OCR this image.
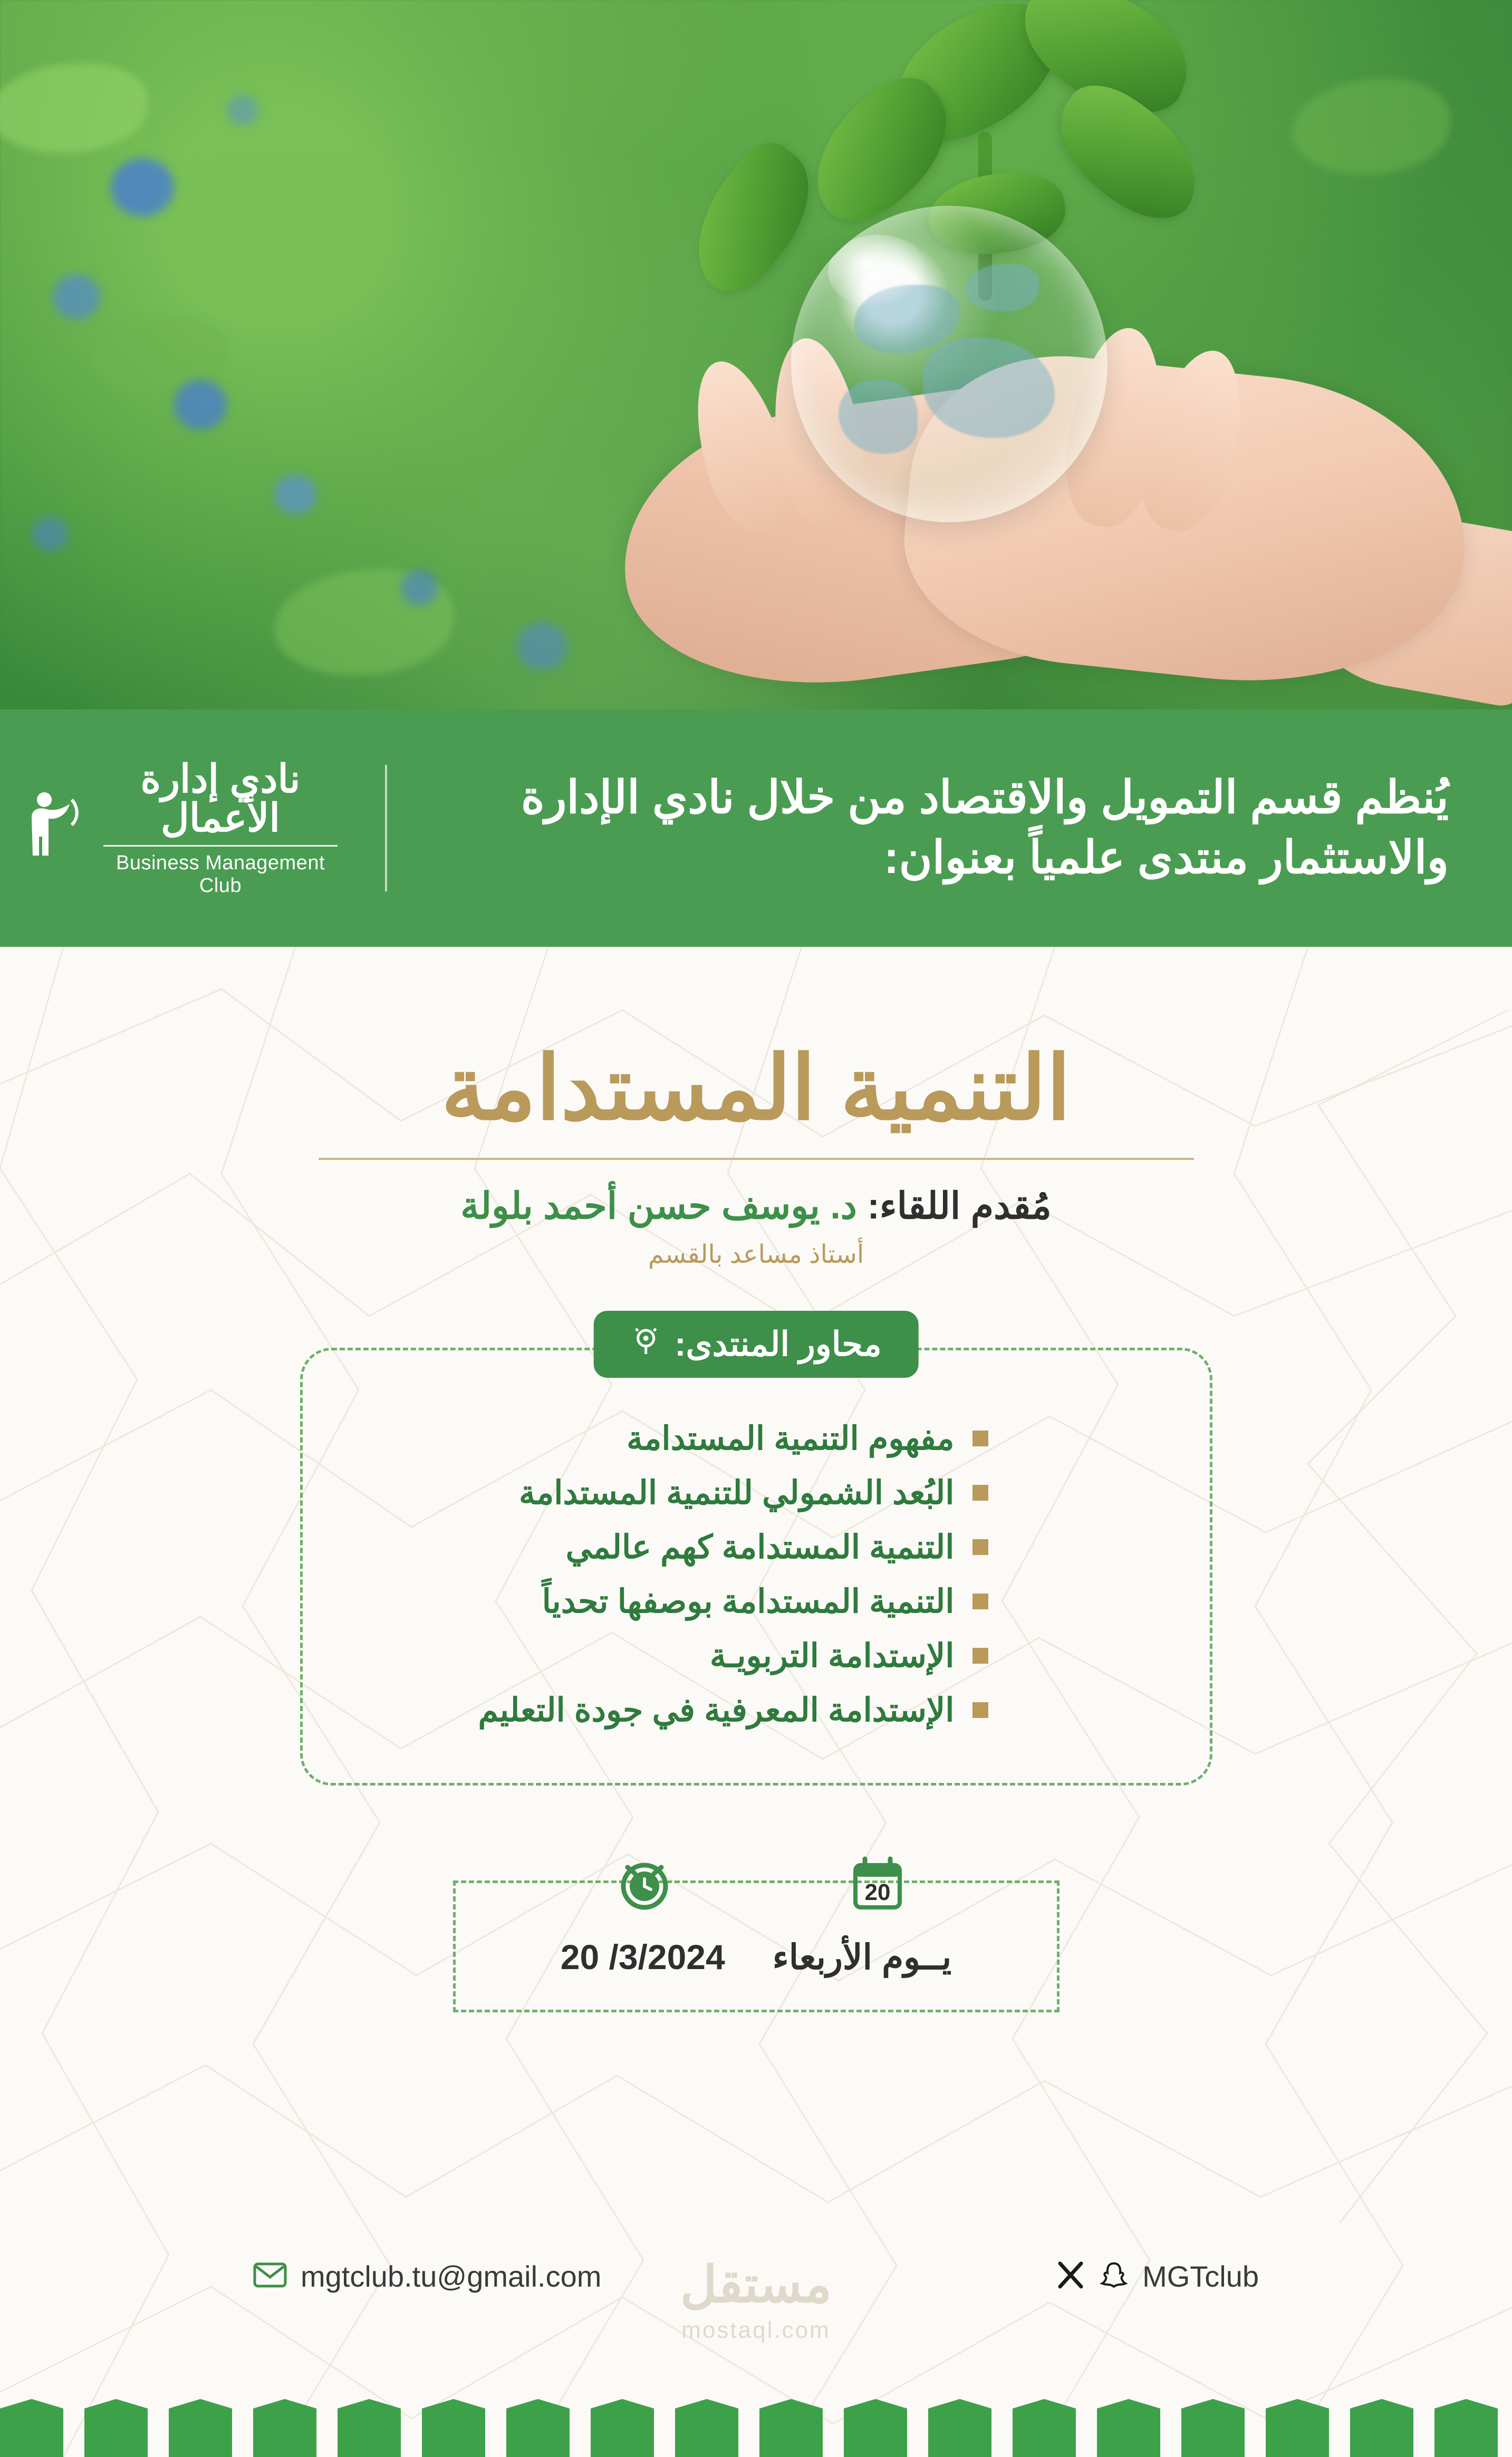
يُنظم قسم التمويل والاقتصاد من خلال نادي الإدارة والاستثمار منتدى علمياً بعنوان:
نادي إدارة الأعمال
Business Management Club
التنمية المستدامة
مُقدم اللقاء: د. يوسف حسن أحمد بلولة
أستاذ مساعد بالقسم
محاور المنتدى:
مفهوم التنمية المستدامة
البُعد الشمولي للتنمية المستدامة
التنمية المستدامة كهم عالمي
التنمية المستدامة بوصفها تحدياً
الإستدامة التربويـة
الإستدامة المعرفية في جودة التعليم
20
يــوم الأربعاء
20 /3/2024
مستقل
mostaql.com
mgtclub.tu@gmail.com	MGTclub
